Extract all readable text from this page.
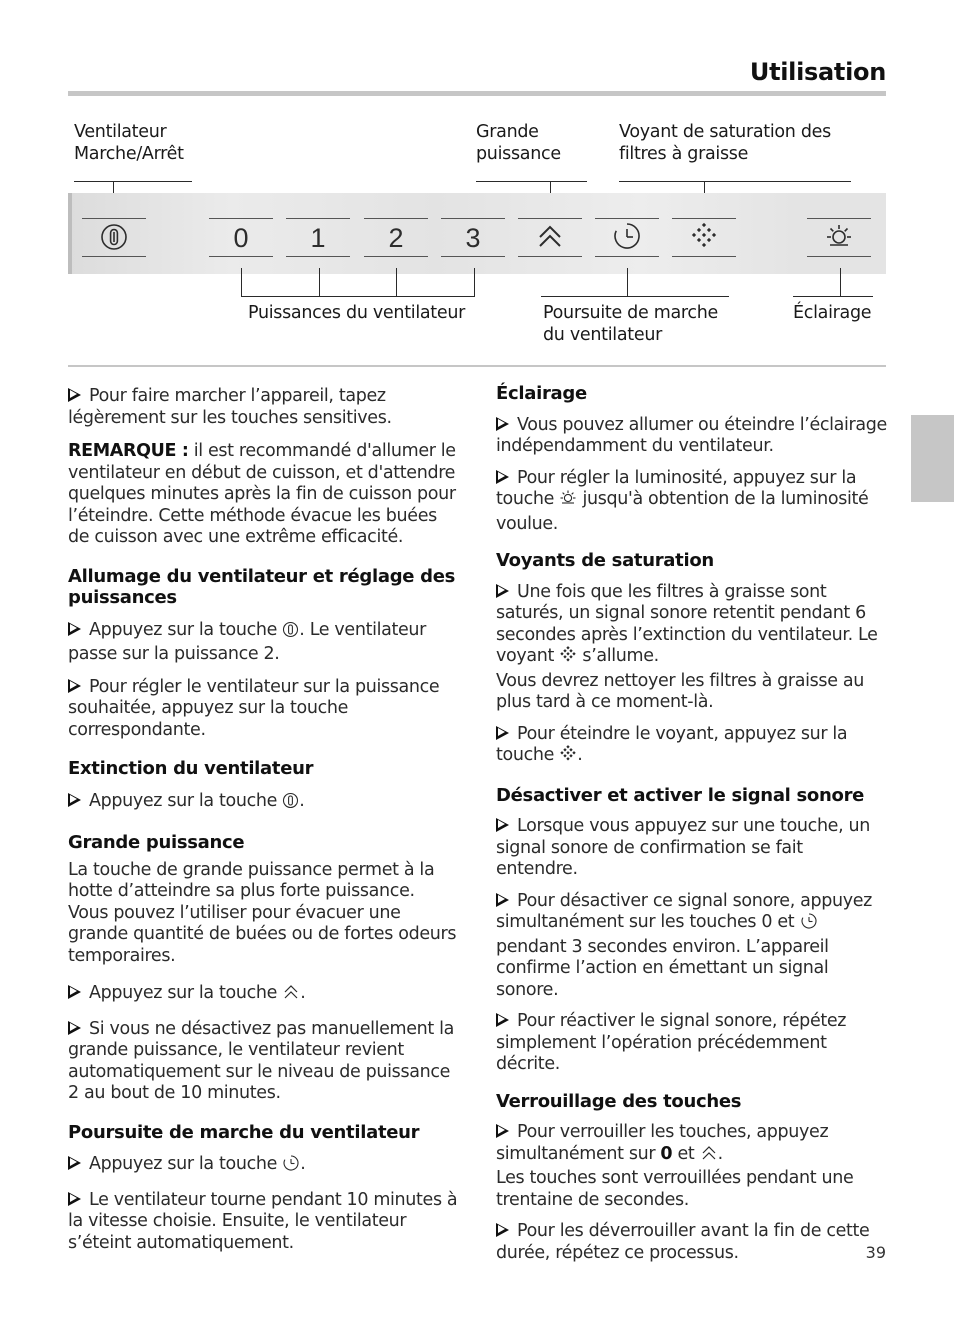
Utilisation
Ventilateur
Marche/Arrêt
Grande
puissance
Voyant de saturation des
filtres à graisse
0	1	2	3
Puissances du ventilateur	Poursuite de marche
du ventilateur
Éclairage

Pour faire marcher l’appareil, tapez légèrement sur les touches sensitives.

REMARQUE : il est recommandé d'allumer le ventilateur en début de cuisson, et d'attendre quelques minutes après la fin de cuisson pour l’éteindre. Cette méthode évacue les buées de cuisson avec une extrême efficacité.

Allumage du ventilateur et réglage des puissances

Appuyez sur la touche . Le ventilateur passe sur la puissance 2.

Pour régler le ventilateur sur la puissance souhaitée, appuyez sur la touche correspondante.

Extinction du ventilateur

Appuyez sur la touche .

Grande puissance

La touche de grande puissance permet à la hotte d’atteindre sa plus forte puissance. Vous pouvez l’utiliser pour évacuer une grande quantité de buées ou de fortes odeurs temporaires.

Appuyez sur la touche .

Si vous ne désactivez pas manuellement la grande puissance, le ventilateur revient automatiquement sur le niveau de puissance 2 au bout de 10 minutes.

Poursuite de marche du ventilateur

Appuyez sur la touche .

Le ventilateur tourne pendant 10 minutes à la vitesse choisie. Ensuite, le ventilateur s’éteint automatiquement.

Éclairage

Vous pouvez allumer ou éteindre l’éclairage indépendamment du ventilateur.

Pour régler la luminosité, appuyez sur la touche  jusqu'à obtention de la luminosité voulue.

Voyants de saturation

Une fois que les filtres à graisse sont saturés, un signal sonore retentit pendant 6 secondes après l’extinction du ventilateur. Le voyant  s’allume.
Vous devrez nettoyer les filtres à graisse au plus tard à ce moment-là.

Pour éteindre le voyant, appuyez sur la touche .

Désactiver et activer le signal sonore

Lorsque vous appuyez sur une touche, un signal sonore de confirmation se fait entendre.

Pour désactiver ce signal sonore, appuyez simultanément sur les touches 0 et  pendant 3 secondes environ. L’appareil confirme l’action en émettant un signal sonore.

Pour réactiver le signal sonore, répétez simplement l’opération précédemment décrite.

Verrouillage des touches

Pour verrouiller les touches, appuyez simultanément sur 0 et .
Les touches sont verrouillées pendant une trentaine de secondes.

Pour les déverrouiller avant la fin de cette durée, répétez ce processus.	39
